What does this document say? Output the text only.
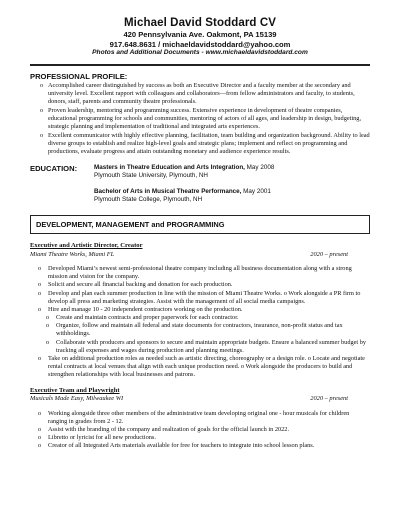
Michael David Stoddard CV
420 Pennsylvania Ave. Oakmont, PA 15139
917.648.8631 / michaeldavidstoddard@yahoo.com
Photos and Additional Documents - www.michaeldavidstoddard.com
PROFESSIONAL PROFILE:
o Accomplished career distinguished by success as both an Executive Director and a faculty member at the secondary and university level. Excellent rapport with colleagues and collaborators—from fellow administrators and faculty, to students, donors, staff, parents and community theatre professionals.
o Proven leadership, mentoring and programming success. Extensive experience in development of theatre companies, educational programming for schools and communities, mentoring of actors of all ages, and leadership in design, budgeting, strategic planning and implementation of traditional and integrated arts experiences.
o Excellent communicator with highly effective planning, facilitation, team building and organization background. Ability to lead diverse groups to establish and realize high-level goals and strategic plans; implement and reflect on programming and productions, evaluate progress and attain outstanding monetary and audience experience results.
EDUCATION:	Masters in Theatre Education and Arts Integration, May 2008
Plymouth State University, Plymouth, NH
Bachelor of Arts in Musical Theatre Performance, May 2001
Plymouth State College, Plymouth, NH
DEVELOPMENT, MANAGEMENT and PROGRAMMING
Executive and Artistic Director, Creator
Miami Theatre Works, Miami FL	2020 – present
o Developed Miami’s newest semi-professional theatre company including all business documentation along with a strong mission and vision for the company.
o Solicit and secure all financial backing and donation for each production.
o Develop and plan each summer production in line with the mission of Miami Theatre Works. o Work alongside a PR firm to develop all press and marketing strategies. Assist with the management of all social media campaigns.
o Hire and manage 10 - 20 independent contractors working on the production.
o Create and maintain contracts and proper paperwork for each contractor.
o Organize, follow and maintain all federal and state documents for contractors, insurance, non-profit status and tax withholdings.
o Collaborate with producers and sponsors to secure and maintain appropriate budgets. Ensure a balanced summer budget by tracking all expenses and wages during production and planning meetings.
o Take on additional production roles as needed such as artistic directing, choreography or a design role. o Locate and negotiate rental contracts at local venues that align with each unique production need. o Work alongside the producers to build and strengthen relationships with local businesses and patrons.
Executive Team and Playwright
Musicals Made Easy, Milwaukee WI	2020 – present
o Working alongside three other members of the administrative team developing original one - hour musicals for children ranging in grades from 2 - 12.
o Assist with the branding of the company and realization of goals for the official launch in 2022.
o Libretto or lyricist for all new productions.
o Creator of all Integrated Arts materials available for free for teachers to integrate into school lesson plans.
